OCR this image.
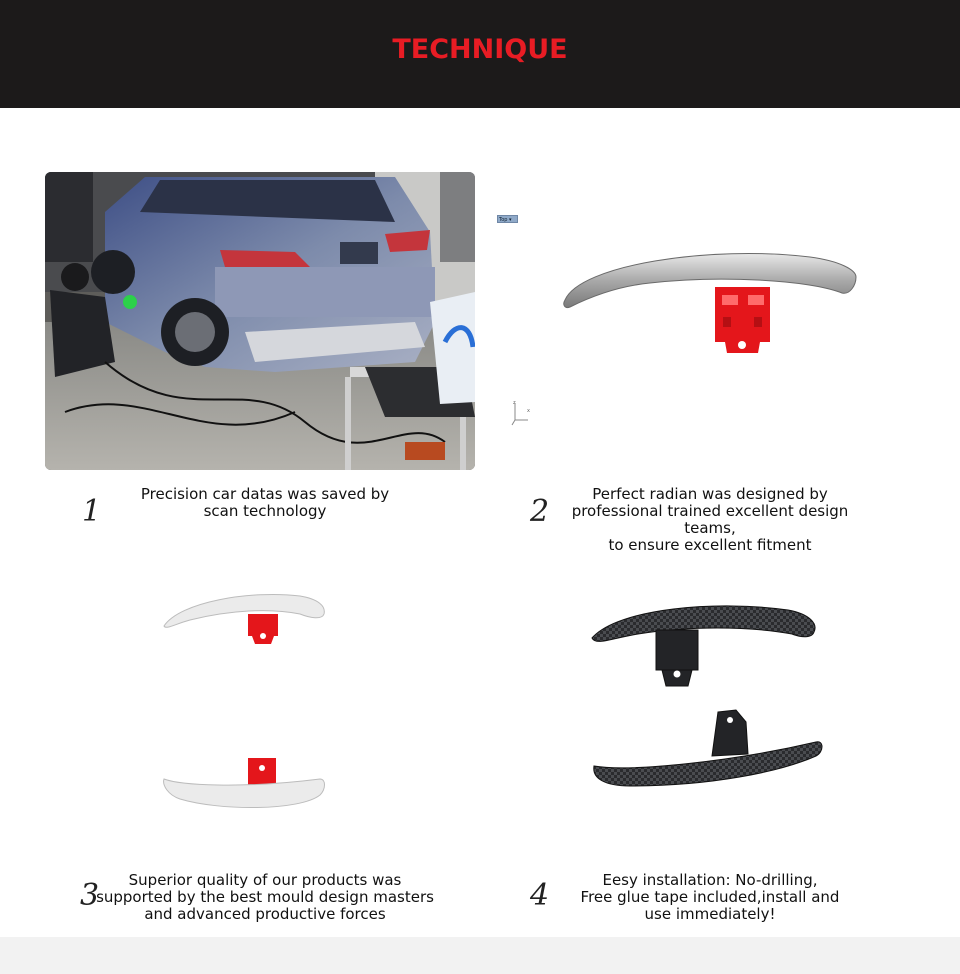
TECHNIQUE
1	Precision car datas was saved by
scan technology
Top ▾
z
x
2	Perfect radian was designed by
professional trained excellent design teams,
to ensure excellent fitment
3	Superior quality of our products was
supported by the best mould design masters
and advanced productive forces
4	Eesy installation: No-drilling,
Free glue tape included,install and
use immediately!
